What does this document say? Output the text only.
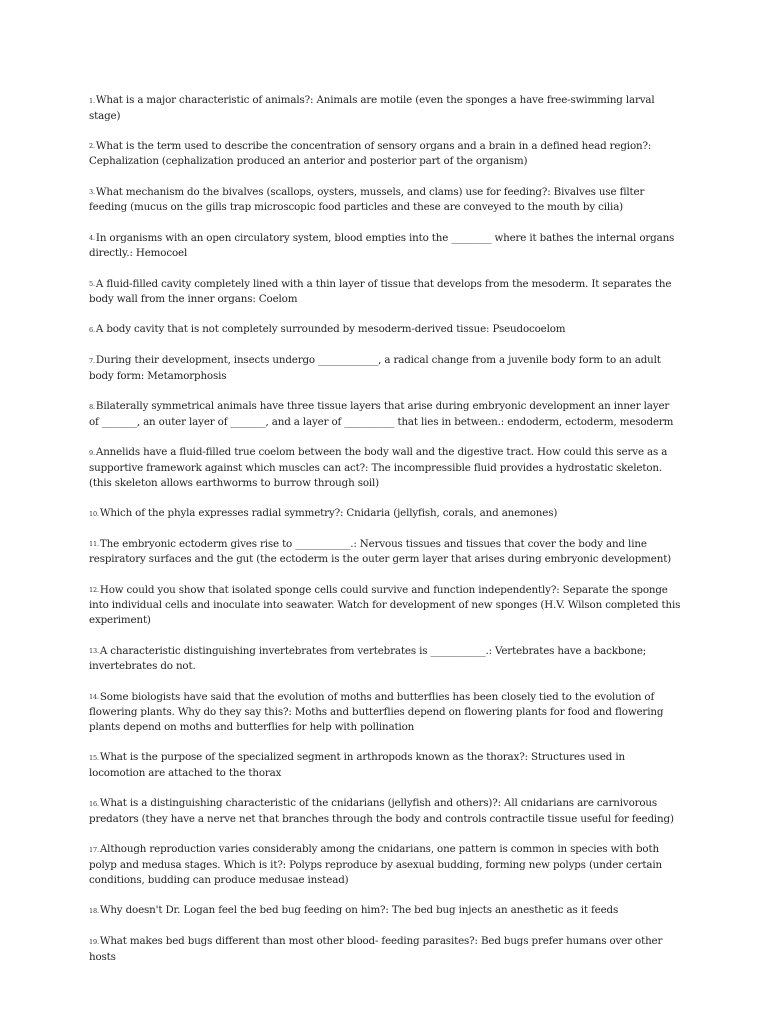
1.What is a major characteristic of animals?: Animals are motile (even the sponges a have free-swimming larval stage)
2.What is the term used to describe the concentration of sensory organs and a brain in a defined head region?: Cephalization (cephalization produced an anterior and posterior part of the organism)
3.What mechanism do the bivalves (scallops, oysters, mussels, and clams) use for feeding?: Bivalves use filter feeding (mucus on the gills trap microscopic food particles and these are conveyed to the mouth by cilia)
4.In organisms with an open circulatory system, blood empties into the ________ where it bathes the internal organs directly.: Hemocoel
5.A fluid-filled cavity completely lined with a thin layer of tissue that develops from the mesoderm. It separates the body wall from the inner organs: Coelom
6.A body cavity that is not completely surrounded by mesoderm-derived tissue: Pseudocoelom
7.During their development, insects undergo ____________, a radical change from a juvenile body form to an adult body form: Metamorphosis
8.Bilaterally symmetrical animals have three tissue layers that arise during embryonic development an inner layer of _______, an outer layer of _______, and a layer of __________ that lies in between.: endoderm, ectoderm, mesoderm
9.Annelids have a fluid-filled true coelom between the body wall and the digestive tract. How could this serve as a supportive framework against which muscles can act?: The incompressible fluid provides a hydrostatic skeleton. (this skeleton allows earthworms to burrow through soil)
10.Which of the phyla expresses radial symmetry?: Cnidaria (jellyfish, corals, and anemones)
11.The embryonic ectoderm gives rise to ___________.: Nervous tissues and tissues that cover the body and line respiratory surfaces and the gut (the ectoderm is the outer germ layer that arises during embryonic development)
12.How could you show that isolated sponge cells could survive and function independently?: Separate the sponge into individual cells and inoculate into seawater. Watch for development of new sponges (H.V. Wilson completed this experiment)
13.A characteristic distinguishing invertebrates from vertebrates is ___________.: Vertebrates have a backbone; invertebrates do not.
14.Some biologists have said that the evolution of moths and butterflies has been closely tied to the evolution of flowering plants. Why do they say this?: Moths and butterflies depend on flowering plants for food and flowering plants depend on moths and butterflies for help with pollination
15.What is the purpose of the specialized segment in arthropods known as the thorax?: Structures used in locomotion are attached to the thorax
16.What is a distinguishing characteristic of the cnidarians (jellyfish and others)?: All cnidarians are carnivorous predators (they have a nerve net that branches through the body and controls contractile tissue useful for feeding)
17.Although reproduction varies considerably among the cnidarians, one pattern is common in species with both polyp and medusa stages. Which is it?: Polyps reproduce by asexual budding, forming new polyps (under certain conditions, budding can produce medusae instead)
18.Why doesn't Dr. Logan feel the bed bug feeding on him?: The bed bug injects an anesthetic as it feeds
19.What makes bed bugs different than most other blood- feeding parasites?: Bed bugs prefer humans over other hosts
